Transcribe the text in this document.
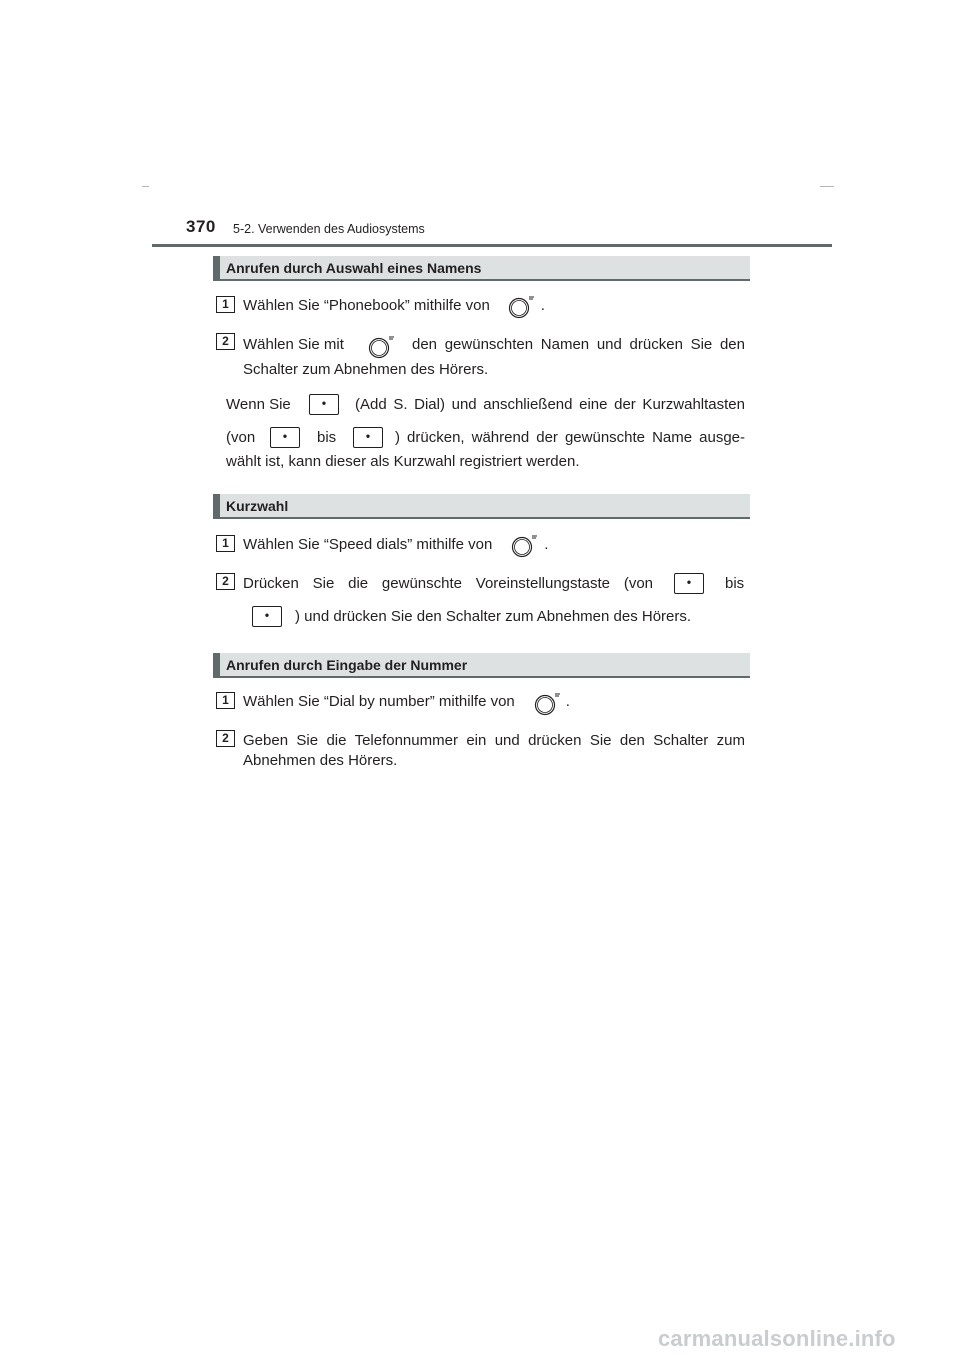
370 5-2. Verwenden des Audiosystems
Anrufen durch Auswahl eines Namens
1 Wählen Sie “Phonebook” mithilfe von	.
2 Wählen Sie mit	den gewünschten Namen und drücken Sie den
Schalter zum Abnehmen des Hörers.
Wenn Sie	•	(Add S. Dial) und anschließend eine der Kurzwahltasten
(von	•	bis	•	) drücken, während der gewünschte Name ausge-
wählt ist, kann dieser als Kurzwahl registriert werden.
Kurzwahl
1 Wählen Sie “Speed dials” mithilfe von	.
2 Drücken Sie die gewünschte Voreinstellungstaste (von	•	bis
•	) und drücken Sie den Schalter zum Abnehmen des Hörers.
Anrufen durch Eingabe der Nummer
1 Wählen Sie “Dial by number” mithilfe von	.
2 Geben Sie die Telefonnummer ein und drücken Sie den Schalter zum
Abnehmen des Hörers.
carmanualsonline.info
